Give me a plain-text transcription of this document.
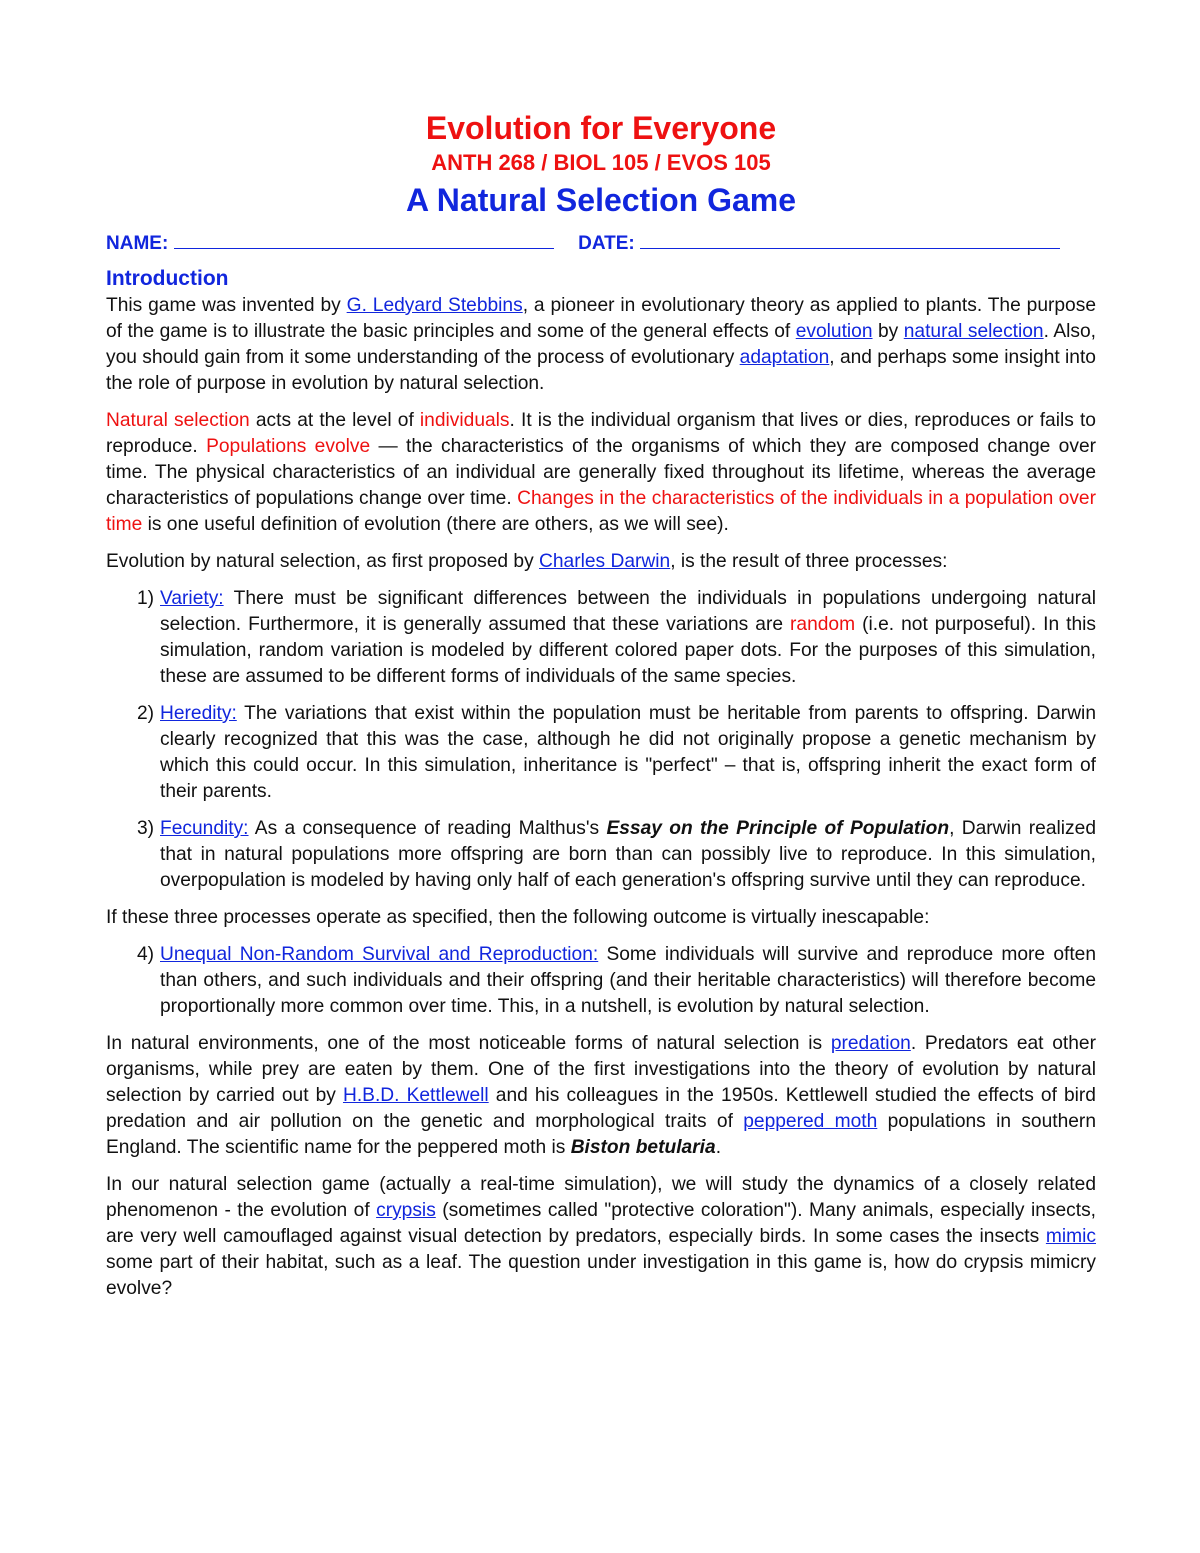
Evolution for Everyone
ANTH 268 / BIOL 105 / EVOS 105
A Natural Selection Game
NAME:	DATE:
Introduction

This game was invented by G. Ledyard Stebbins, a pioneer in evolutionary theory as applied to plants. The purpose of the game is to illustrate the basic principles and some of the general effects of evolution by natural selection. Also, you should gain from it some understanding of the process of evolutionary adaptation, and perhaps some insight into the role of purpose in evolution by natural selection.

Natural selection acts at the level of individuals. It is the individual organism that lives or dies, reproduces or fails to reproduce. Populations evolve — the characteristics of the organisms of which they are composed change over time. The physical characteristics of an individual are generally fixed throughout its lifetime, whereas the average characteristics of populations change over time. Changes in the characteristics of the individuals in a population over time is one useful definition of evolution (there are others, as we will see).

Evolution by natural selection, as first proposed by Charles Darwin, is the result of three processes:

1) Variety: There must be significant differences between the individuals in populations undergoing natural selection. Furthermore, it is generally assumed that these variations are random (i.e. not purposeful). In this simulation, random variation is modeled by different colored paper dots. For the purposes of this simulation, these are assumed to be different forms of individuals of the same species.
2) Heredity: The variations that exist within the population must be heritable from parents to offspring. Darwin clearly recognized that this was the case, although he did not originally propose a genetic mechanism by which this could occur. In this simulation, inheritance is "perfect" – that is, offspring inherit the exact form of their parents.
3) Fecundity: As a consequence of reading Malthus's Essay on the Principle of Population, Darwin realized that in natural populations more offspring are born than can possibly live to reproduce. In this simulation, overpopulation is modeled by having only half of each generation's offspring survive until they can reproduce.

If these three processes operate as specified, then the following outcome is virtually inescapable:

4) Unequal Non-Random Survival and Reproduction: Some individuals will survive and reproduce more often than others, and such individuals and their offspring (and their heritable characteristics) will therefore become proportionally more common over time. This, in a nutshell, is evolution by natural selection.

In natural environments, one of the most noticeable forms of natural selection is predation. Predators eat other organisms, while prey are eaten by them. One of the first investigations into the theory of evolution by natural selection by carried out by H.B.D. Kettlewell and his colleagues in the 1950s. Kettlewell studied the effects of bird predation and air pollution on the genetic and morphological traits of peppered moth populations in southern England. The scientific name for the peppered moth is Biston betularia.

In our natural selection game (actually a real-time simulation), we will study the dynamics of a closely related phenomenon - the evolution of crypsis (sometimes called "protective coloration"). Many animals, especially insects, are very well camouflaged against visual detection by predators, especially birds. In some cases the insects mimic some part of their habitat, such as a leaf. The question under investigation in this game is, how do crypsis mimicry evolve?
